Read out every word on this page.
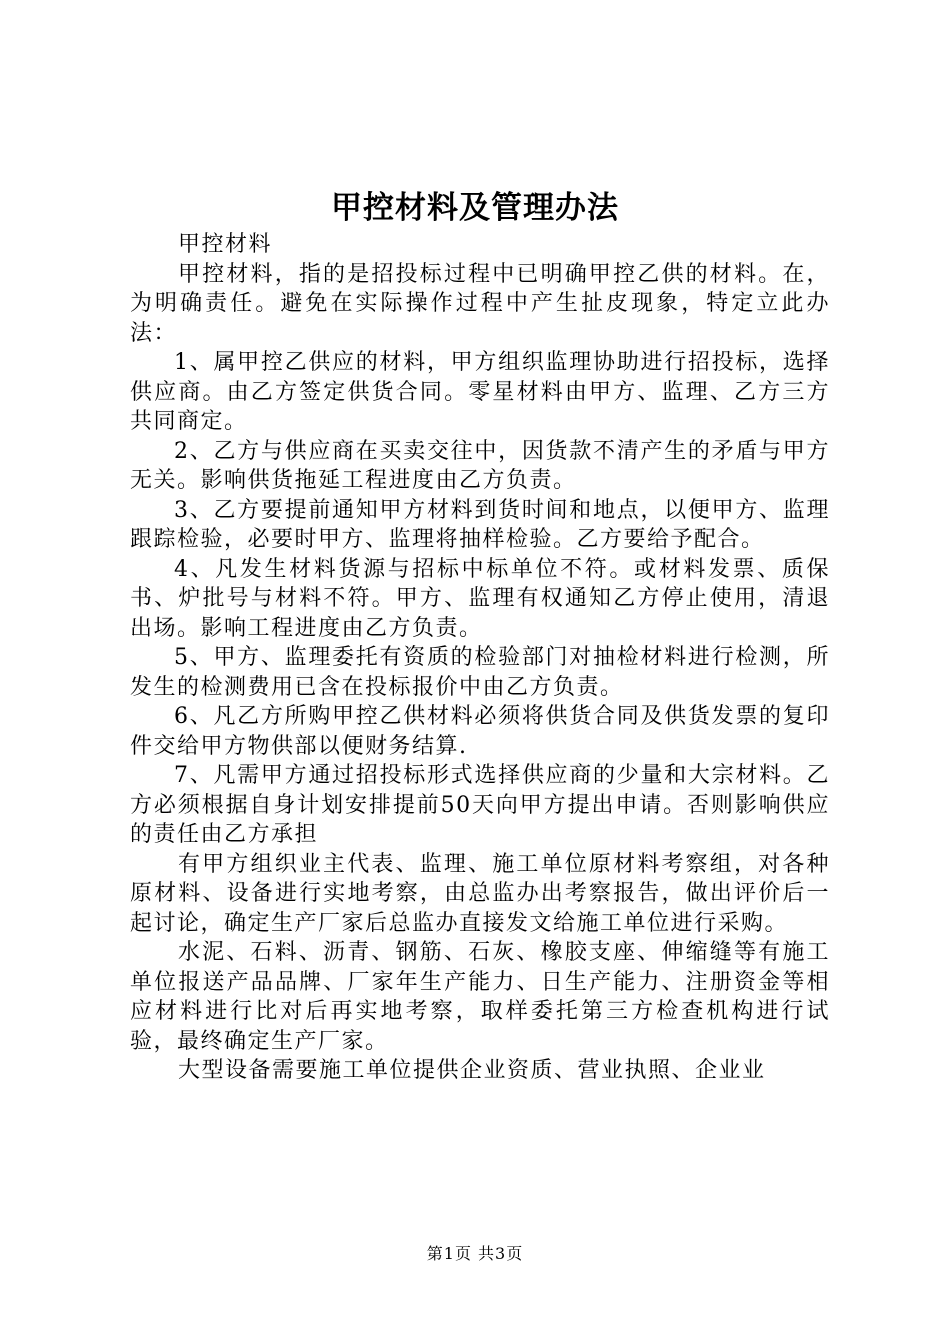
甲控材料及管理办法

甲控材料

甲控材料，指的是招投标过程中已明确甲控乙供的材料。在，为明确责任。避免在实际操作过程中产生扯皮现象，特定立此办法：

1、属甲控乙供应的材料，甲方组织监理协助进行招投标，选择供应商。由乙方签定供货合同。零星材料由甲方、监理、乙方三方共同商定。

2、乙方与供应商在买卖交往中，因货款不清产生的矛盾与甲方无关。影响供货拖延工程进度由乙方负责。

3、乙方要提前通知甲方材料到货时间和地点，以便甲方、监理跟踪检验，必要时甲方、监理将抽样检验。乙方要给予配合。

4、凡发生材料货源与招标中标单位不符。或材料发票、质保书、炉批号与材料不符。甲方、监理有权通知乙方停止使用，清退出场。影响工程进度由乙方负责。

5、甲方、监理委托有资质的检验部门对抽检材料进行检测，所发生的检测费用已含在投标报价中由乙方负责。

6、凡乙方所购甲控乙供材料必须将供货合同及供货发票的复印件交给甲方物供部以便财务结算.

7、凡需甲方通过招投标形式选择供应商的少量和大宗材料。乙方必须根据自身计划安排提前50天向甲方提出申请。否则影响供应的责任由乙方承担

有甲方组织业主代表、监理、施工单位原材料考察组，对各种原材料、设备进行实地考察，由总监办出考察报告，做出评价后一起讨论，确定生产厂家后总监办直接发文给施工单位进行采购。

水泥、石料、沥青、钢筋、石灰、橡胶支座、伸缩缝等有施工单位报送产品品牌、厂家年生产能力、日生产能力、注册资金等相应材料进行比对后再实地考察，取样委托第三方检查机构进行试验，最终确定生产厂家。

大型设备需要施工单位提供企业资质、营业执照、企业业

第1页 共3页
